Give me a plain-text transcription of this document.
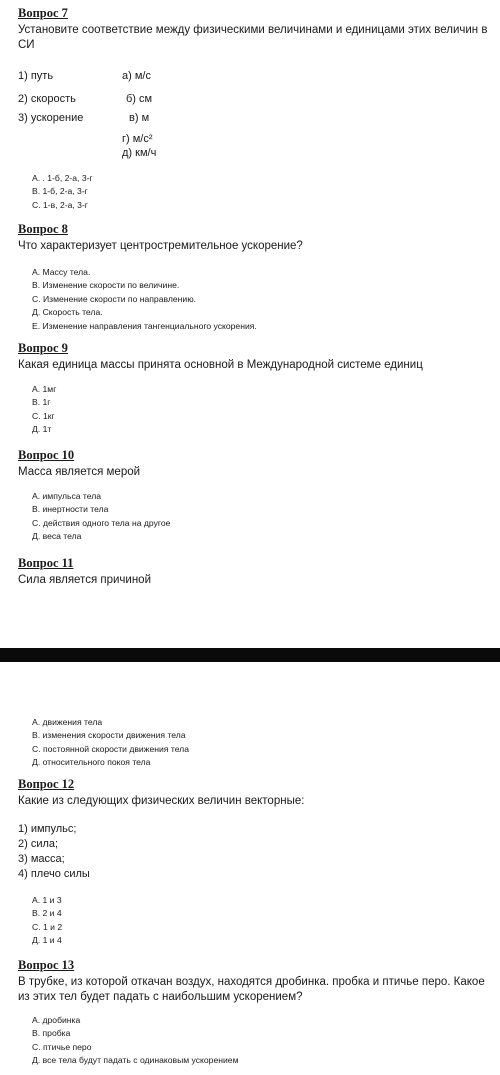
Вопрос 7
Установите соответствие между физическими величинами и единицами этих величин в СИ
1) путь
2) скорость
3) ускорение
а) м/с
б) см
в) м
г) м/с²
д) км/ч
А. . 1-б, 2-а, 3-г
В. 1-б, 2-а, 3-г
С. 1-в, 2-а, 3-г
Вопрос 8
Что характеризует центростремительное ускорение?
А. Массу тела.
В. Изменение скорости по величине.
С. Изменение скорости по направлению.
Д. Скорость тела.
Е. Изменение направления тангенциального ускорения.
Вопрос 9
Какая единица массы принята основной в Международной системе единиц
А. 1мг
В. 1г
С. 1кг
Д. 1т
Вопрос 10
Масса является мерой
А. импульса тела
В. инертности тела
С. действия одного тела на другое
Д. веса тела
Вопрос 11
Сила является причиной
А. движения тела
В. изменения скорости движения тела
С. постоянной скорости движения тела
Д. относительного покоя тела
Вопрос 12
Какие из следующих физических величин векторные:
1) импульс;
2) сила;
3) масса;
4) плечо силы
А. 1 и 3
В. 2 и 4
С. 1 и 2
Д. 1 и 4
Вопрос 13
В трубке, из которой откачан воздух, находятся дробинка. пробка и птичье перо. Какое из этих тел будет падать с наибольшим ускорением?
А. дробинка
В. пробка
С. птичье перо
Д. все тела будут падать с одинаковым ускорением
